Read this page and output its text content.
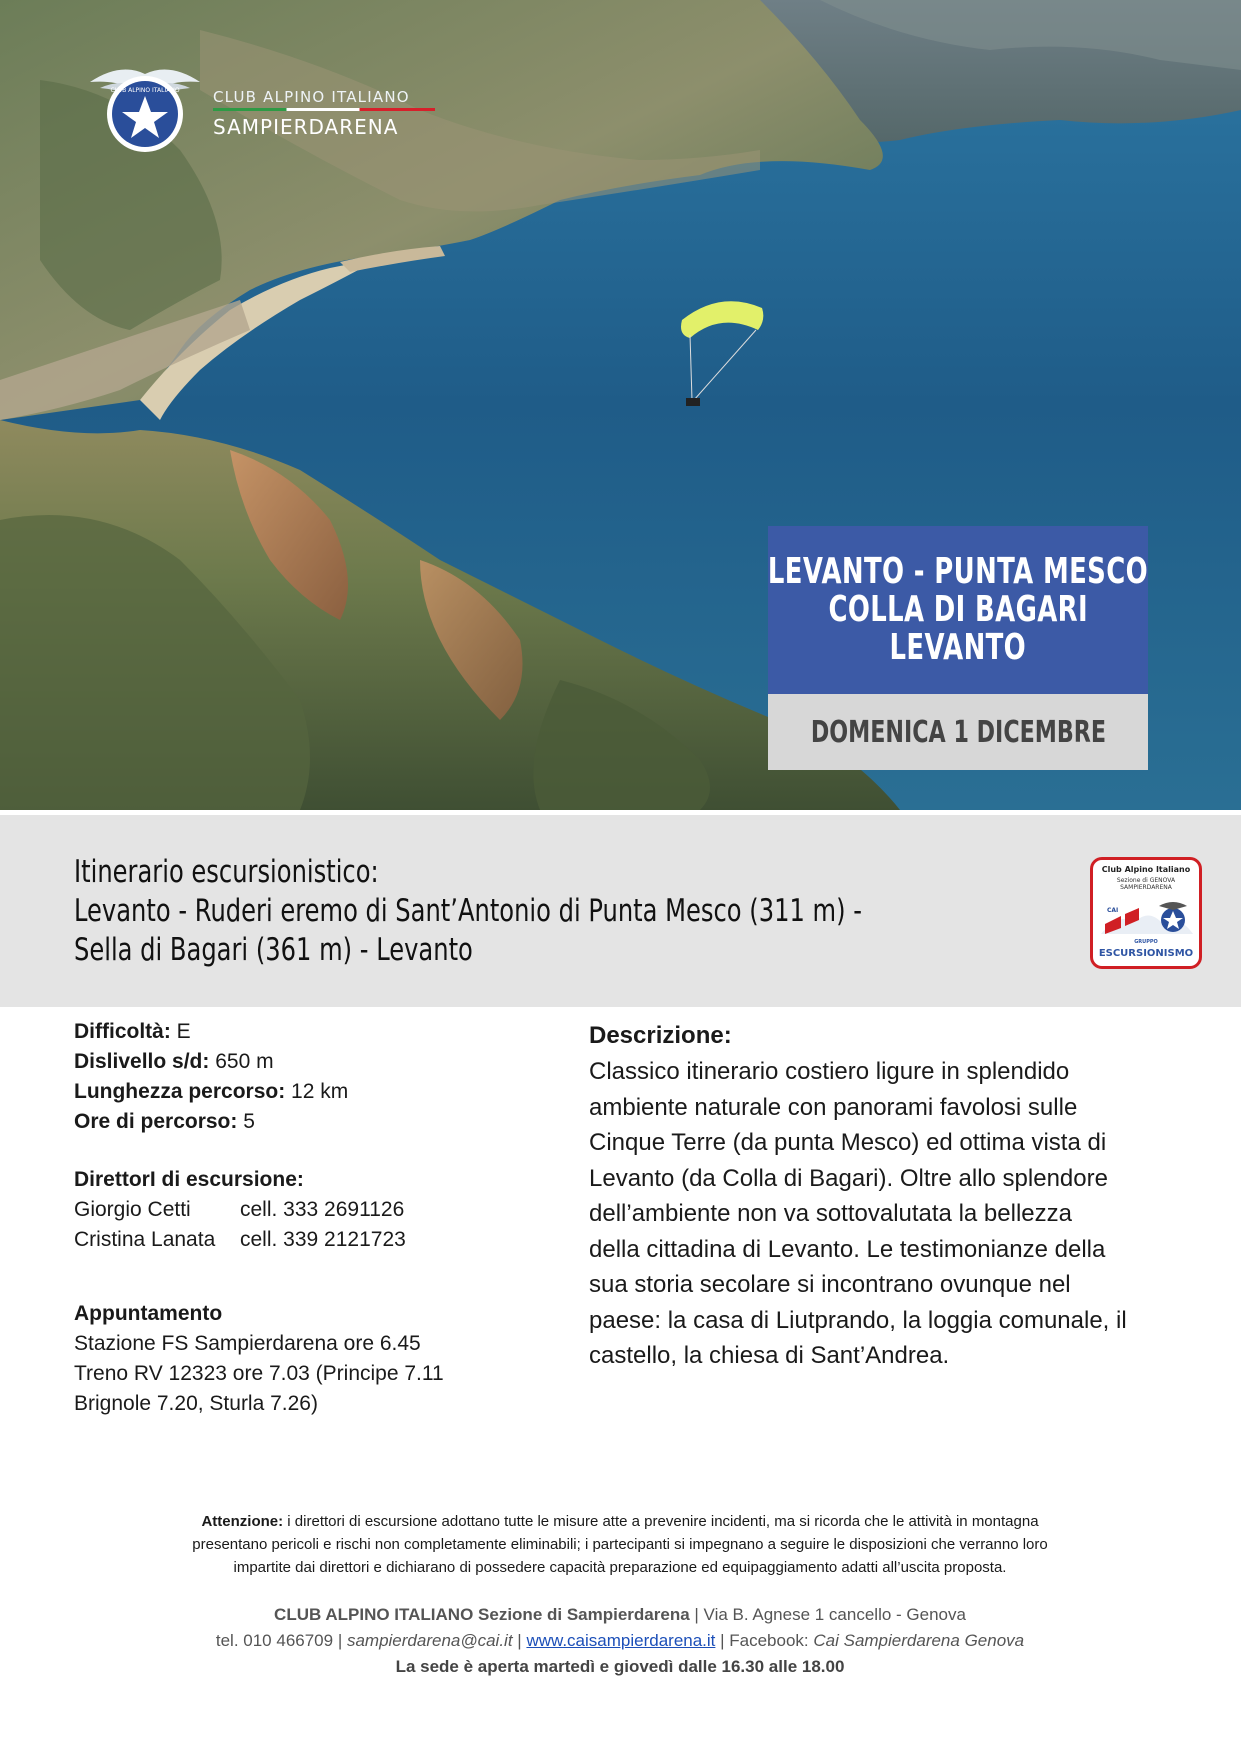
CLUB ALPINO ITALIANO CLUB ALPINO ITALIANO
SAMPIERDARENA
LEVANTO - PUNTA MESCO
COLLA DI BAGARI
LEVANTO
DOMENICA 1 DICEMBRE
Itinerario escursionistico:
Levanto - Ruderi eremo di Sant’Antonio di Punta Mesco (311 m) -
Sella di Bagari (361 m) - Levanto
Club Alpino Italiano
Sezione di GENOVA
SAMPIERDARENA
CAI
GRUPPO
ESCURSIONISMO
Difficoltà: E
Dislivello s/d: 650 m
Lunghezza percorso: 12 km
Ore di percorso: 5
DirettorI di escursione:
Giorgio Cetti	cell. 333 2691126
Cristina Lanata	cell. 339 2121723
Appuntamento
Stazione FS Sampierdarena ore 6.45
Treno RV 12323 ore 7.03 (Principe 7.11
Brignole 7.20, Sturla 7.26)
Descrizione:
Classico itinerario costiero ligure in splendido
ambiente naturale con panorami favolosi sulle
Cinque Terre (da punta Mesco) ed ottima vista di
Levanto (da Colla di Bagari). Oltre allo splendore
dell’ambiente non va sottovalutata la bellezza
della cittadina di Levanto. Le testimonianze della
sua storia secolare si incontrano ovunque nel
paese: la casa di Liutprando, la loggia comunale, il
castello, la chiesa di Sant’Andrea.
Attenzione: i direttori di escursione adottano tutte le misure atte a prevenire incidenti, ma si ricorda che le attività in montagna
presentano pericoli e rischi non completamente eliminabili; i partecipanti si impegnano a seguire le disposizioni che verranno loro
impartite dai direttori e dichiarano di possedere capacità preparazione ed equipaggiamento adatti all’uscita proposta.
CLUB ALPINO ITALIANO Sezione di Sampierdarena | Via B. Agnese 1 cancello - Genova
tel. 010 466709 | sampierdarena@cai.it | www.caisampierdarena.it | Facebook: Cai Sampierdarena Genova
La sede è aperta martedì e giovedì dalle 16.30 alle 18.00
